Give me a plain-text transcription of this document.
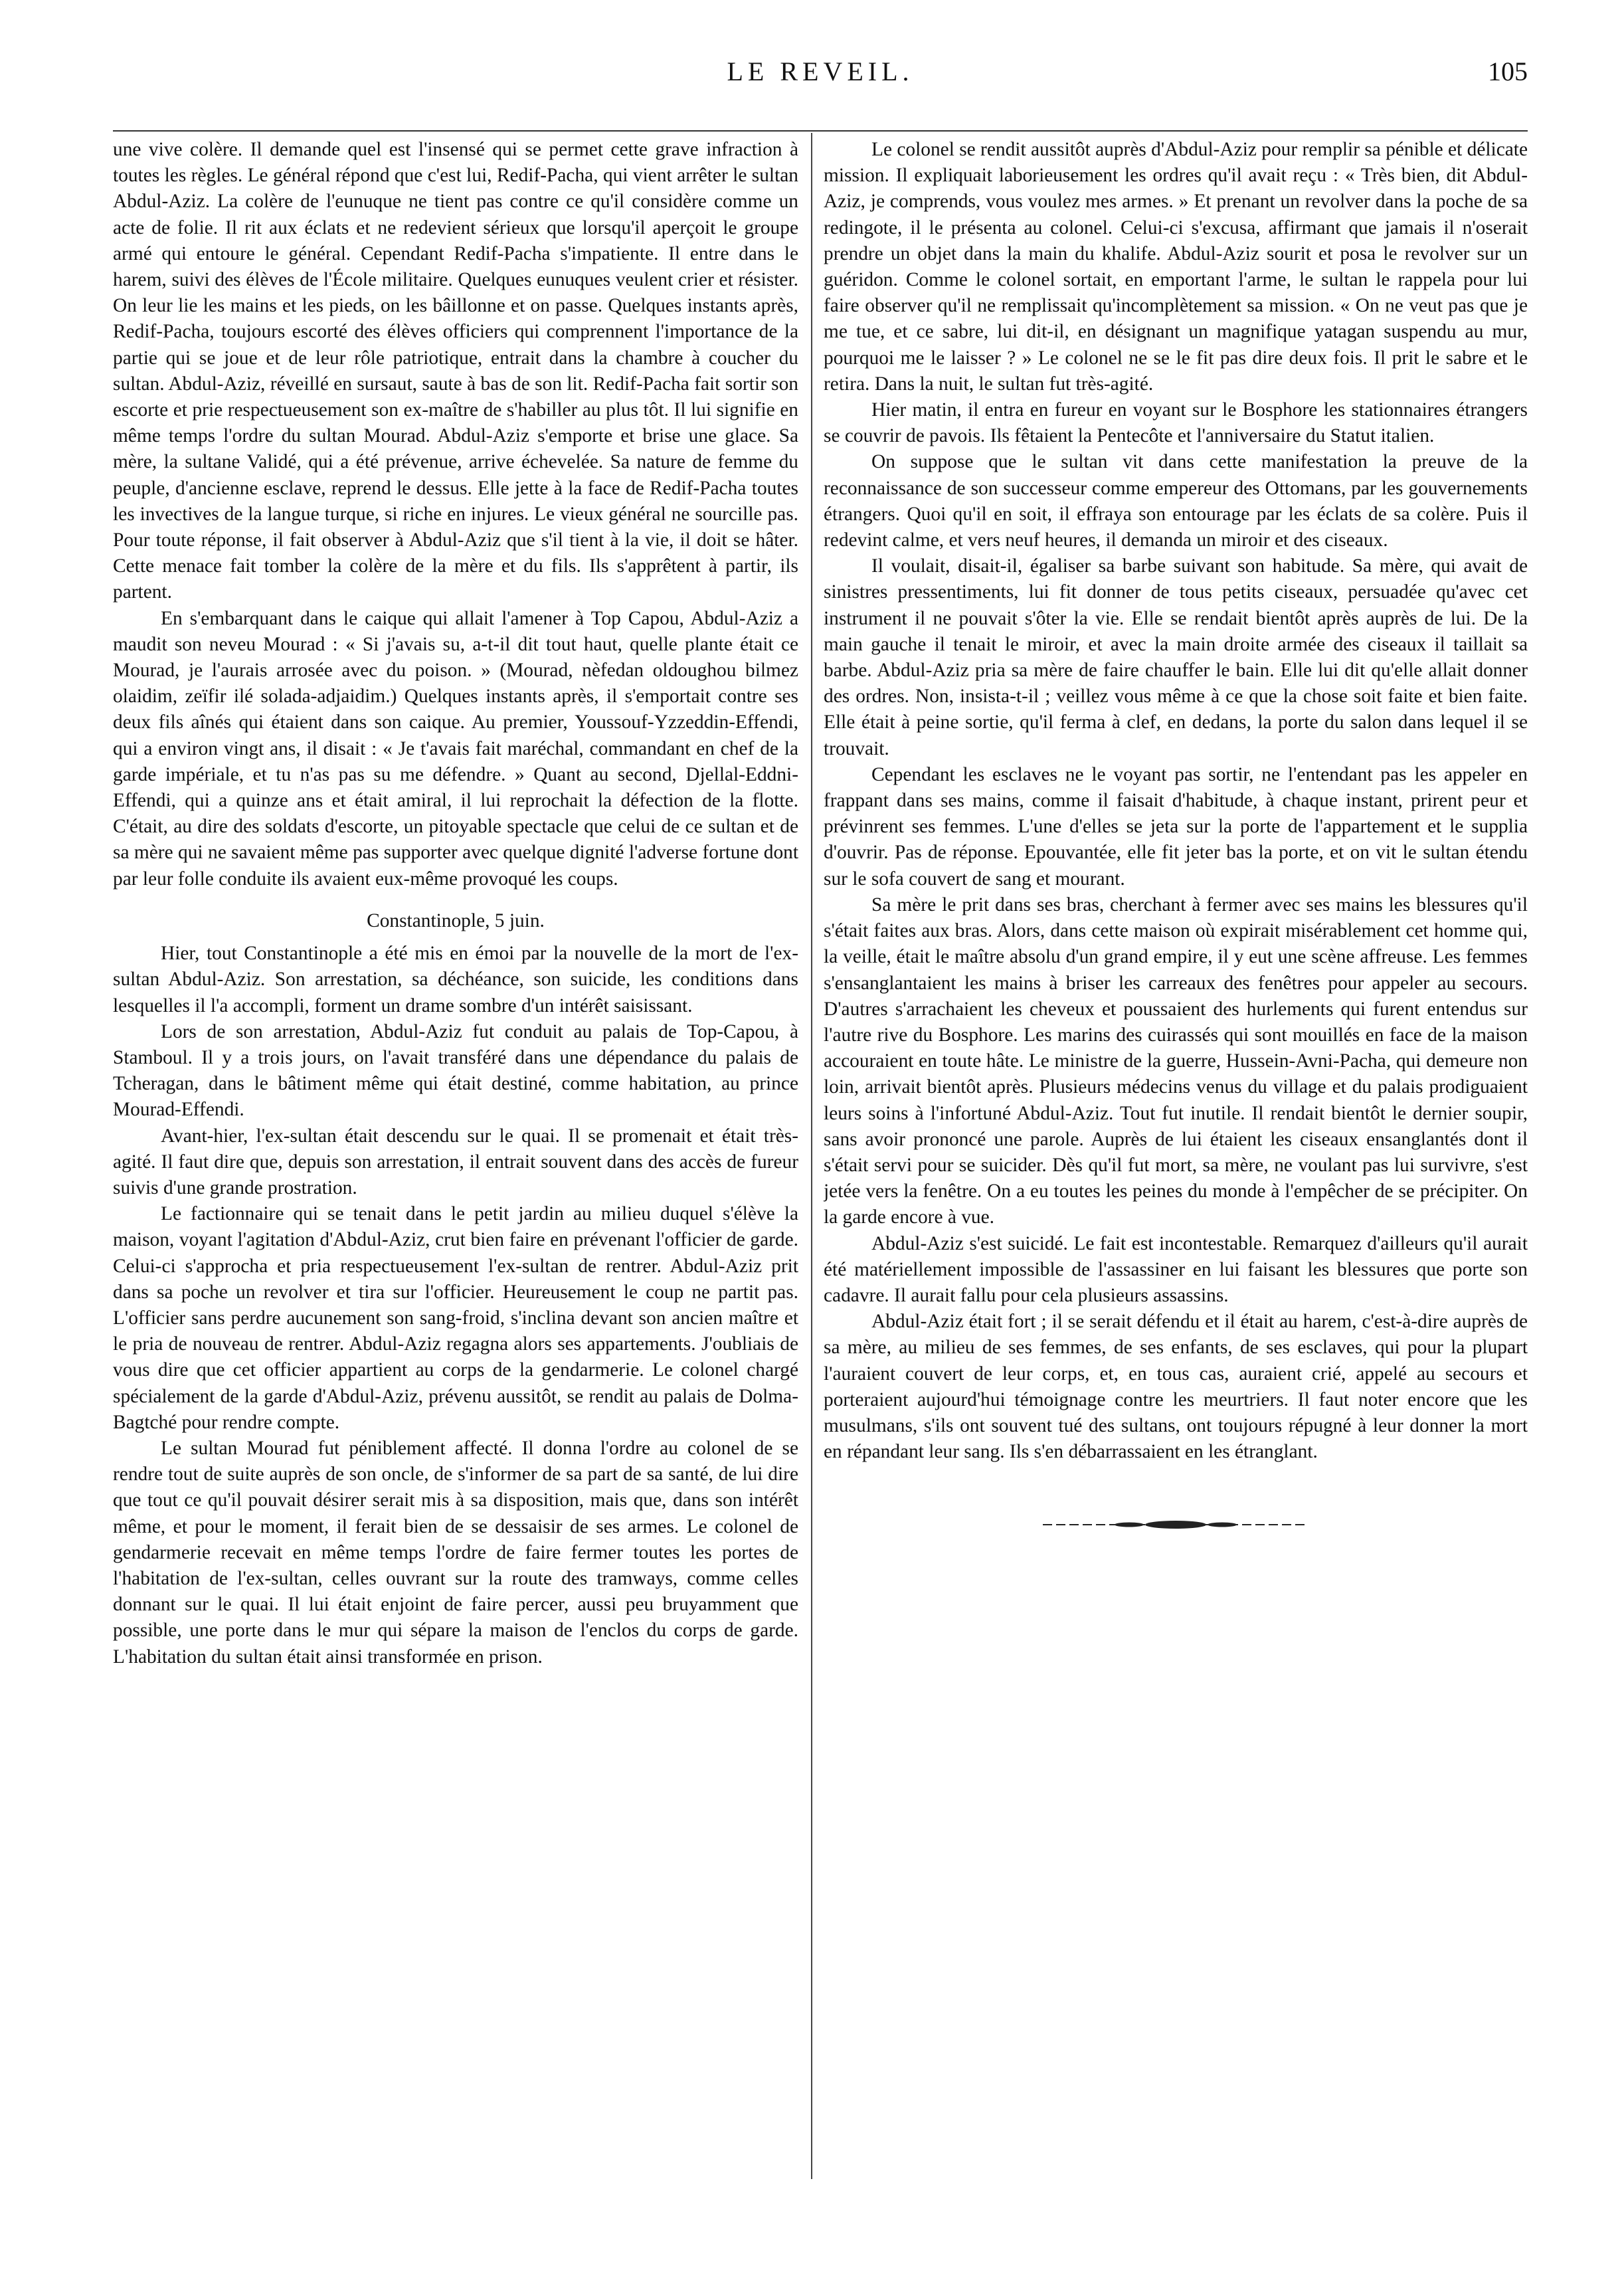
LE REVEIL.	105

une vive colère. Il demande quel est l'insensé qui se permet cette grave infraction à toutes les règles. Le général répond que c'est lui, Redif-Pacha, qui vient arrêter le sultan Abdul-Aziz. La colère de l'eunuque ne tient pas contre ce qu'il considère comme un acte de folie. Il rit aux éclats et ne redevient sérieux que lorsqu'il aperçoit le groupe armé qui entoure le général. Cependant Redif-Pacha s'impatiente. Il entre dans le harem, suivi des élèves de l'École militaire. Quelques eunuques veulent crier et résister. On leur lie les mains et les pieds, on les bâillonne et on passe. Quelques instants après, Redif-Pacha, toujours escorté des élèves officiers qui comprennent l'importance de la partie qui se joue et de leur rôle patriotique, entrait dans la chambre à coucher du sultan. Abdul-Aziz, réveillé en sursaut, saute à bas de son lit. Redif-Pacha fait sortir son escorte et prie respectueusement son ex-maître de s'habiller au plus tôt. Il lui signifie en même temps l'ordre du sultan Mourad. Abdul-Aziz s'emporte et brise une glace. Sa mère, la sultane Validé, qui a été prévenue, arrive échevelée. Sa nature de femme du peuple, d'ancienne esclave, reprend le dessus. Elle jette à la face de Redif-Pacha toutes les invectives de la langue turque, si riche en injures. Le vieux général ne sourcille pas. Pour toute réponse, il fait observer à Abdul-Aziz que s'il tient à la vie, il doit se hâter. Cette menace fait tomber la colère de la mère et du fils. Ils s'apprêtent à partir, ils partent.

En s'embarquant dans le caique qui allait l'amener à Top Capou, Abdul-Aziz a maudit son neveu Mourad : « Si j'avais su, a-t-il dit tout haut, quelle plante était ce Mourad, je l'aurais arrosée avec du poison. » (Mourad, nèfedan oldoughou bilmez olaidim, zeïfir ilé solada-adjaidim.) Quelques instants après, il s'emportait contre ses deux fils aînés qui étaient dans son caique. Au premier, Youssouf-Yzzeddin-Effendi, qui a environ vingt ans, il disait : « Je t'avais fait maréchal, commandant en chef de la garde impériale, et tu n'as pas su me défendre. » Quant au second, Djellal-Eddni-Effendi, qui a quinze ans et était amiral, il lui reprochait la défection de la flotte. C'était, au dire des soldats d'escorte, un pitoyable spectacle que celui de ce sultan et de sa mère qui ne savaient même pas supporter avec quelque dignité l'adverse fortune dont par leur folle conduite ils avaient eux-même provoqué les coups.

Constantinople, 5 juin.

Hier, tout Constantinople a été mis en émoi par la nouvelle de la mort de l'ex-sultan Abdul-Aziz. Son arrestation, sa déchéance, son suicide, les conditions dans lesquelles il l'a accompli, forment un drame sombre d'un intérêt saisissant.

Lors de son arrestation, Abdul-Aziz fut conduit au palais de Top-Capou, à Stamboul. Il y a trois jours, on l'avait transféré dans une dépendance du palais de Tcheragan, dans le bâtiment même qui était destiné, comme habitation, au prince Mourad-Effendi.

Avant-hier, l'ex-sultan était descendu sur le quai. Il se promenait et était très-agité. Il faut dire que, depuis son arrestation, il entrait souvent dans des accès de fureur suivis d'une grande prostration.

Le factionnaire qui se tenait dans le petit jardin au milieu duquel s'élève la maison, voyant l'agitation d'Abdul-Aziz, crut bien faire en prévenant l'officier de garde. Celui-ci s'approcha et pria respectueusement l'ex-sultan de rentrer. Abdul-Aziz prit dans sa poche un revolver et tira sur l'officier. Heureusement le coup ne partit pas. L'officier sans perdre aucunement son sang-froid, s'inclina devant son ancien maître et le pria de nouveau de rentrer. Abdul-Aziz regagna alors ses appartements. J'oubliais de vous dire que cet officier appartient au corps de la gendarmerie. Le colonel chargé spécialement de la garde d'Abdul-Aziz, prévenu aussitôt, se rendit au palais de Dolma-Bagtché pour rendre compte.

Le sultan Mourad fut péniblement affecté. Il donna l'ordre au colonel de se rendre tout de suite auprès de son oncle, de s'informer de sa part de sa santé, de lui dire que tout ce qu'il pouvait désirer serait mis à sa disposition, mais que, dans son intérêt même, et pour le moment, il ferait bien de se dessaisir de ses armes. Le colonel de gendarmerie recevait en même temps l'ordre de faire fermer toutes les portes de l'habitation de l'ex-sultan, celles ouvrant sur la route des tramways, comme celles donnant sur le quai. Il lui était enjoint de faire percer, aussi peu bruyamment que possible, une porte dans le mur qui sépare la maison de l'enclos du corps de garde. L'habitation du sultan était ainsi transformée en prison.

Le colonel se rendit aussitôt auprès d'Abdul-Aziz pour remplir sa pénible et délicate mission. Il expliquait laborieusement les ordres qu'il avait reçu : « Très bien, dit Abdul-Aziz, je comprends, vous voulez mes armes. » Et prenant un revolver dans la poche de sa redingote, il le présenta au colonel. Celui-ci s'excusa, affirmant que jamais il n'oserait prendre un objet dans la main du khalife. Abdul-Aziz sourit et posa le revolver sur un guéridon. Comme le colonel sortait, en emportant l'arme, le sultan le rappela pour lui faire observer qu'il ne remplissait qu'incomplètement sa mission. « On ne veut pas que je me tue, et ce sabre, lui dit-il, en désignant un magnifique yatagan suspendu au mur, pourquoi me le laisser ? » Le colonel ne se le fit pas dire deux fois. Il prit le sabre et le retira. Dans la nuit, le sultan fut très-agité.

Hier matin, il entra en fureur en voyant sur le Bosphore les stationnaires étrangers se couvrir de pavois. Ils fêtaient la Pentecôte et l'anniversaire du Statut italien.

On suppose que le sultan vit dans cette manifestation la preuve de la reconnaissance de son successeur comme empereur des Ottomans, par les gouvernements étrangers. Quoi qu'il en soit, il effraya son entourage par les éclats de sa colère. Puis il redevint calme, et vers neuf heures, il demanda un miroir et des ciseaux.

Il voulait, disait-il, égaliser sa barbe suivant son habitude. Sa mère, qui avait de sinistres pressentiments, lui fit donner de tous petits ciseaux, persuadée qu'avec cet instrument il ne pouvait s'ôter la vie. Elle se rendait bientôt après auprès de lui. De la main gauche il tenait le miroir, et avec la main droite armée des ciseaux il taillait sa barbe. Abdul-Aziz pria sa mère de faire chauffer le bain. Elle lui dit qu'elle allait donner des ordres. Non, insista-t-il ; veillez vous même à ce que la chose soit faite et bien faite. Elle était à peine sortie, qu'il ferma à clef, en dedans, la porte du salon dans lequel il se trouvait.

Cependant les esclaves ne le voyant pas sortir, ne l'entendant pas les appeler en frappant dans ses mains, comme il faisait d'habitude, à chaque instant, prirent peur et prévinrent ses femmes. L'une d'elles se jeta sur la porte de l'appartement et le supplia d'ouvrir. Pas de réponse. Epouvantée, elle fit jeter bas la porte, et on vit le sultan étendu sur le sofa couvert de sang et mourant.

Sa mère le prit dans ses bras, cherchant à fermer avec ses mains les blessures qu'il s'était faites aux bras. Alors, dans cette maison où expirait misérablement cet homme qui, la veille, était le maître absolu d'un grand empire, il y eut une scène affreuse. Les femmes s'ensanglantaient les mains à briser les carreaux des fenêtres pour appeler au secours. D'autres s'arrachaient les cheveux et poussaient des hurlements qui furent entendus sur l'autre rive du Bosphore. Les marins des cuirassés qui sont mouillés en face de la maison accouraient en toute hâte. Le ministre de la guerre, Hussein-Avni-Pacha, qui demeure non loin, arrivait bientôt après. Plusieurs médecins venus du village et du palais prodiguaient leurs soins à l'infortuné Abdul-Aziz. Tout fut inutile. Il rendait bientôt le dernier soupir, sans avoir prononcé une parole. Auprès de lui étaient les ciseaux ensanglantés dont il s'était servi pour se suicider. Dès qu'il fut mort, sa mère, ne voulant pas lui survivre, s'est jetée vers la fenêtre. On a eu toutes les peines du monde à l'empêcher de se précipiter. On la garde encore à vue.

Abdul-Aziz s'est suicidé. Le fait est incontestable. Remarquez d'ailleurs qu'il aurait été matériellement impossible de l'assassiner en lui faisant les blessures que porte son cadavre. Il aurait fallu pour cela plusieurs assassins.

Abdul-Aziz était fort ; il se serait défendu et il était au harem, c'est-à-dire auprès de sa mère, au milieu de ses femmes, de ses enfants, de ses esclaves, qui pour la plupart l'auraient couvert de leur corps, et, en tous cas, auraient crié, appelé au secours et porteraient aujourd'hui témoignage contre les meurtriers. Il faut noter encore que les musulmans, s'ils ont souvent tué des sultans, ont toujours répugné à leur donner la mort en répandant leur sang. Ils s'en débarrassaient en les étranglant.
